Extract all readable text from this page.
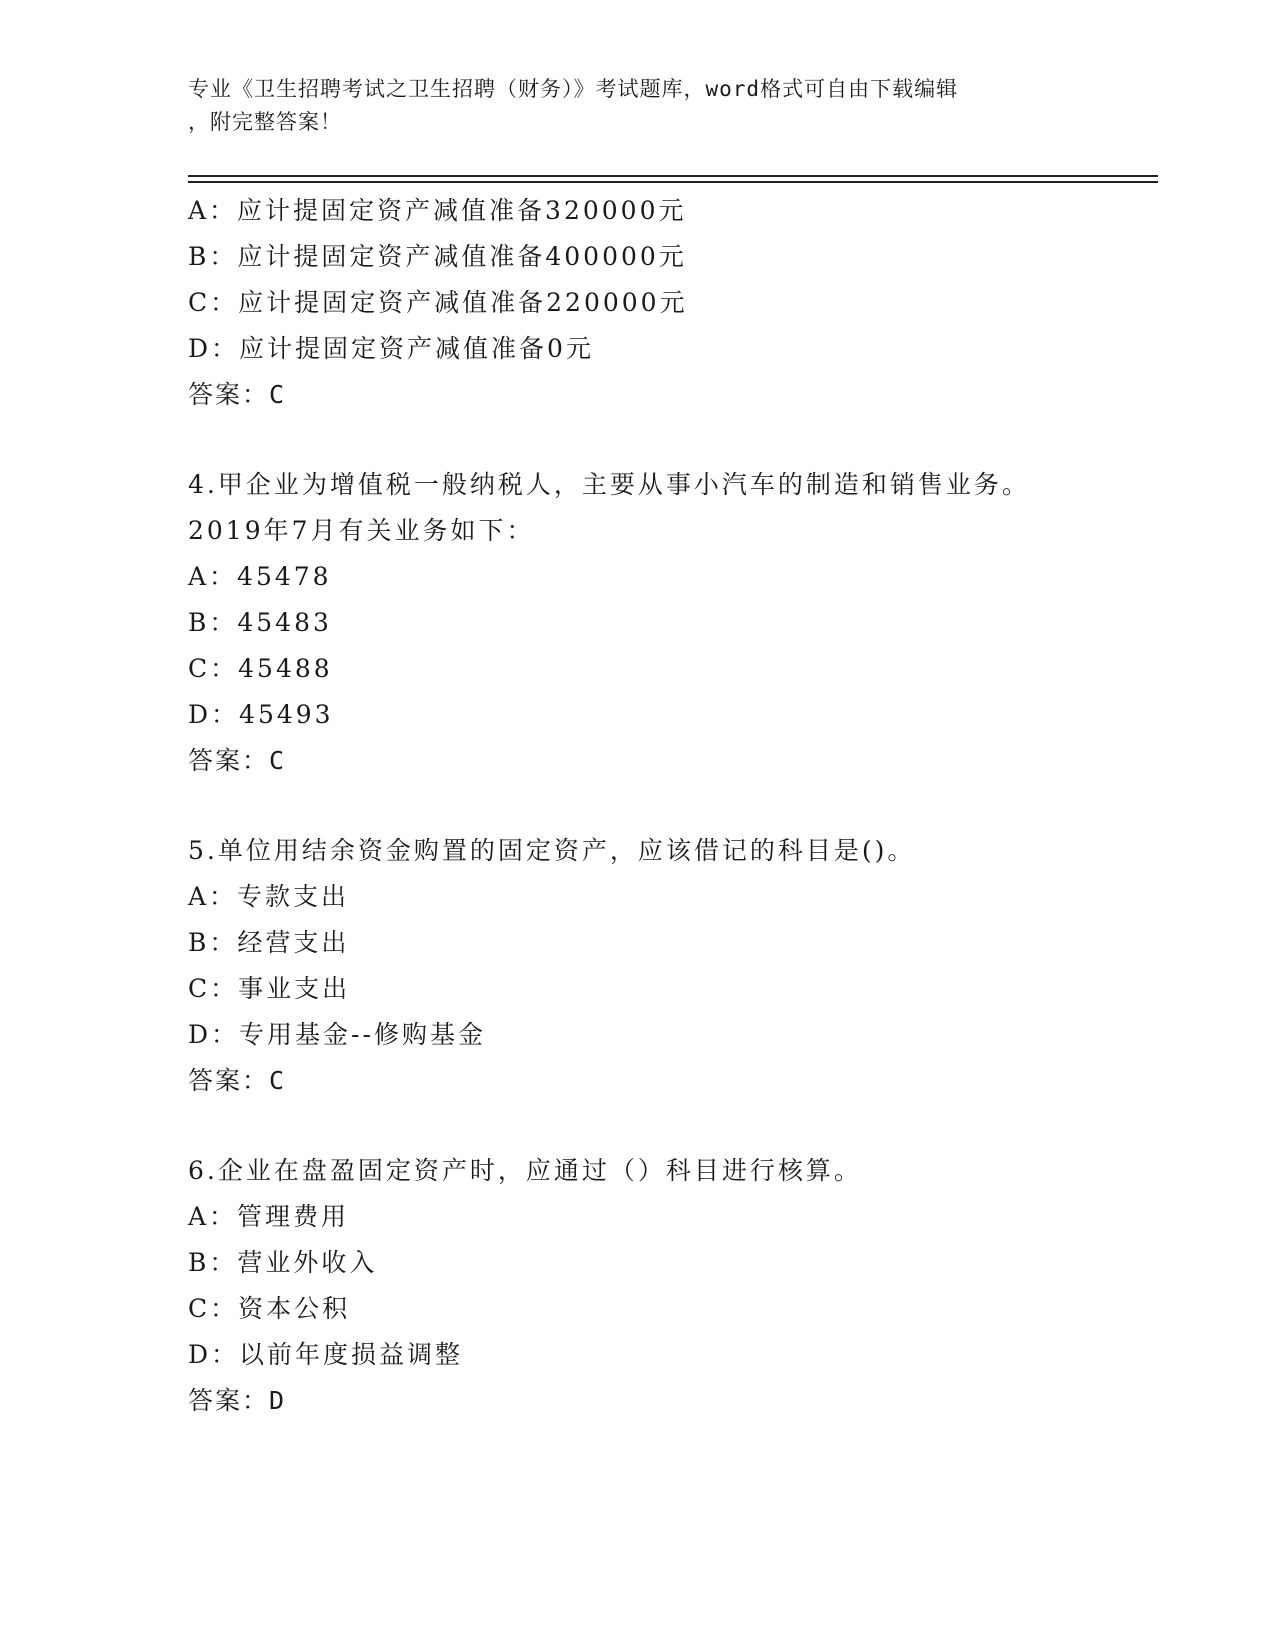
专业《卫生招聘考试之卫生招聘（财务）》考试题库，word格式可自由下载编辑
，附完整答案！
A：应计提固定资产减值准备320000元
B：应计提固定资产减值准备400000元
C：应计提固定资产减值准备220000元
D：应计提固定资产减值准备0元
答案：C
4.甲企业为增值税一般纳税人，主要从事小汽车的制造和销售业务。
2019年7月有关业务如下：
A：45478
B：45483
C：45488
D：45493
答案：C
5.单位用结余资金购置的固定资产，应该借记的科目是()。
A：专款支出
B：经营支出
C：事业支出
D：专用基金--修购基金
答案：C
6.企业在盘盈固定资产时，应通过（）科目进行核算。
A：管理费用
B：营业外收入
C：资本公积
D：以前年度损益调整
答案：D
